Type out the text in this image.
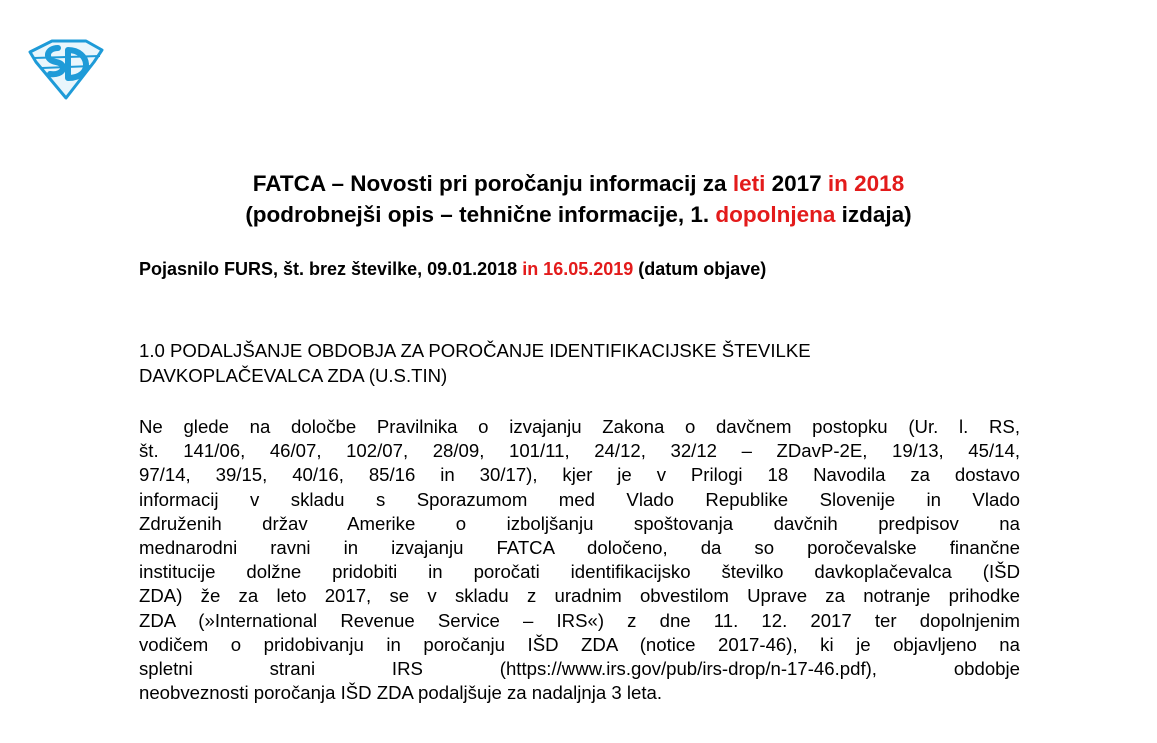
FATCA – Novosti pri poročanju informacij za leti 2017 in 2018
(podrobnejši opis – tehnične informacije, 1. dopolnjena izdaja)
Pojasnilo FURS, št. brez številke, 09.01.2018 in 16.05.2019 (datum objave)
1.0 PODALJŠANJE OBDOBJA ZA POROČANJE IDENTIFIKACIJSKE ŠTEVILKE
DAVKOPLAČEVALCA ZDA (U.S.TIN)
Ne glede na določbe Pravilnika o izvajanju Zakona o davčnem postopku (Ur. l. RS,
št. 141/06, 46/07, 102/07, 28/09, 101/11, 24/12, 32/12 – ZDavP-2E, 19/13, 45/14,
97/14, 39/15, 40/16, 85/16 in 30/17), kjer je v Prilogi 18 Navodila za dostavo
informacij v skladu s Sporazumom med Vlado Republike Slovenije in Vlado
Združenih držav Amerike o izboljšanju spoštovanja davčnih predpisov na
mednarodni ravni in izvajanju FATCA določeno, da so poročevalske finančne
institucije dolžne pridobiti in poročati identifikacijsko številko davkoplačevalca (IŠD
ZDA) že za leto 2017, se v skladu z uradnim obvestilom Uprave za notranje prihodke
ZDA (»International Revenue Service – IRS«) z dne 11. 12. 2017 ter dopolnjenim
vodičem o pridobivanju in poročanju IŠD ZDA (notice 2017-46), ki je objavljeno na
spletni strani IRS (https://www.irs.gov/pub/irs-drop/n-17-46.pdf), obdobje
neobveznosti poročanja IŠD ZDA podaljšuje za nadaljnja 3 leta.
